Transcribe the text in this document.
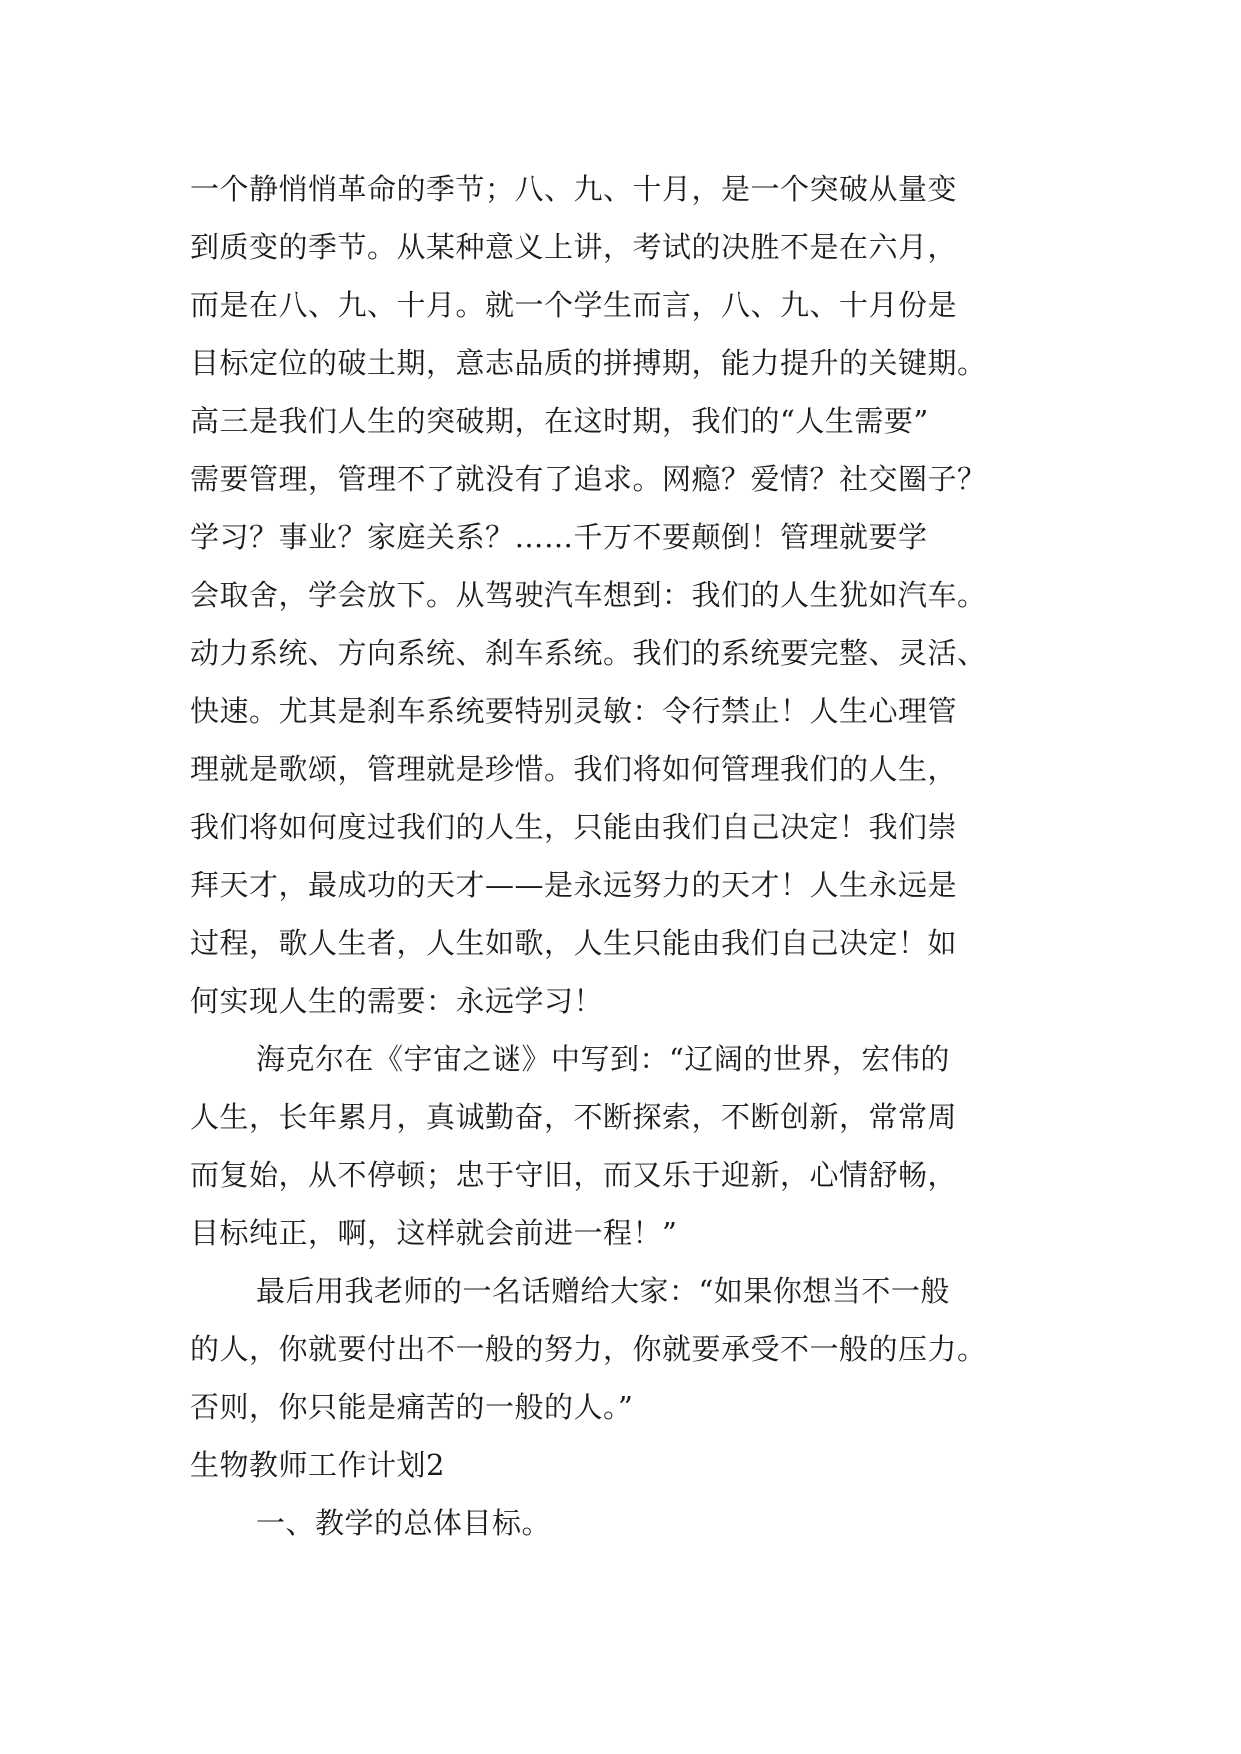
一个静悄悄革命的季节；八、九、十月，是一个突破从量变
到质变的季节。从某种意义上讲，考试的决胜不是在六月，
而是在八、九、十月。就一个学生而言，八、九、十月份是
目标定位的破土期，意志品质的拼搏期，能力提升的关键期。
高三是我们人生的突破期，在这时期，我们的“人生需要”
需要管理，管理不了就没有了追求。网瘾？爱情？社交圈子？
学习？事业？家庭关系？……千万不要颠倒！管理就要学
会取舍，学会放下。从驾驶汽车想到：我们的人生犹如汽车。
动力系统、方向系统、刹车系统。我们的系统要完整、灵活、
快速。尤其是刹车系统要特别灵敏：令行禁止！人生心理管
理就是歌颂，管理就是珍惜。我们将如何管理我们的人生，
我们将如何度过我们的人生，只能由我们自己决定！我们崇
拜天才，最成功的天才——是永远努力的天才！人生永远是
过程，歌人生者，人生如歌，人生只能由我们自己决定！如
何实现人生的需要：永远学习！
海克尔在《宇宙之谜》中写到：“辽阔的世界，宏伟的
人生，长年累月，真诚勤奋，不断探索，不断创新，常常周
而复始，从不停顿；忠于守旧，而又乐于迎新，心情舒畅，
目标纯正，啊，这样就会前进一程！”
最后用我老师的一名话赠给大家：“如果你想当不一般
的人，你就要付出不一般的努力，你就要承受不一般的压力。
否则，你只能是痛苦的一般的人。”
生物教师工作计划2
一、教学的总体目标。
